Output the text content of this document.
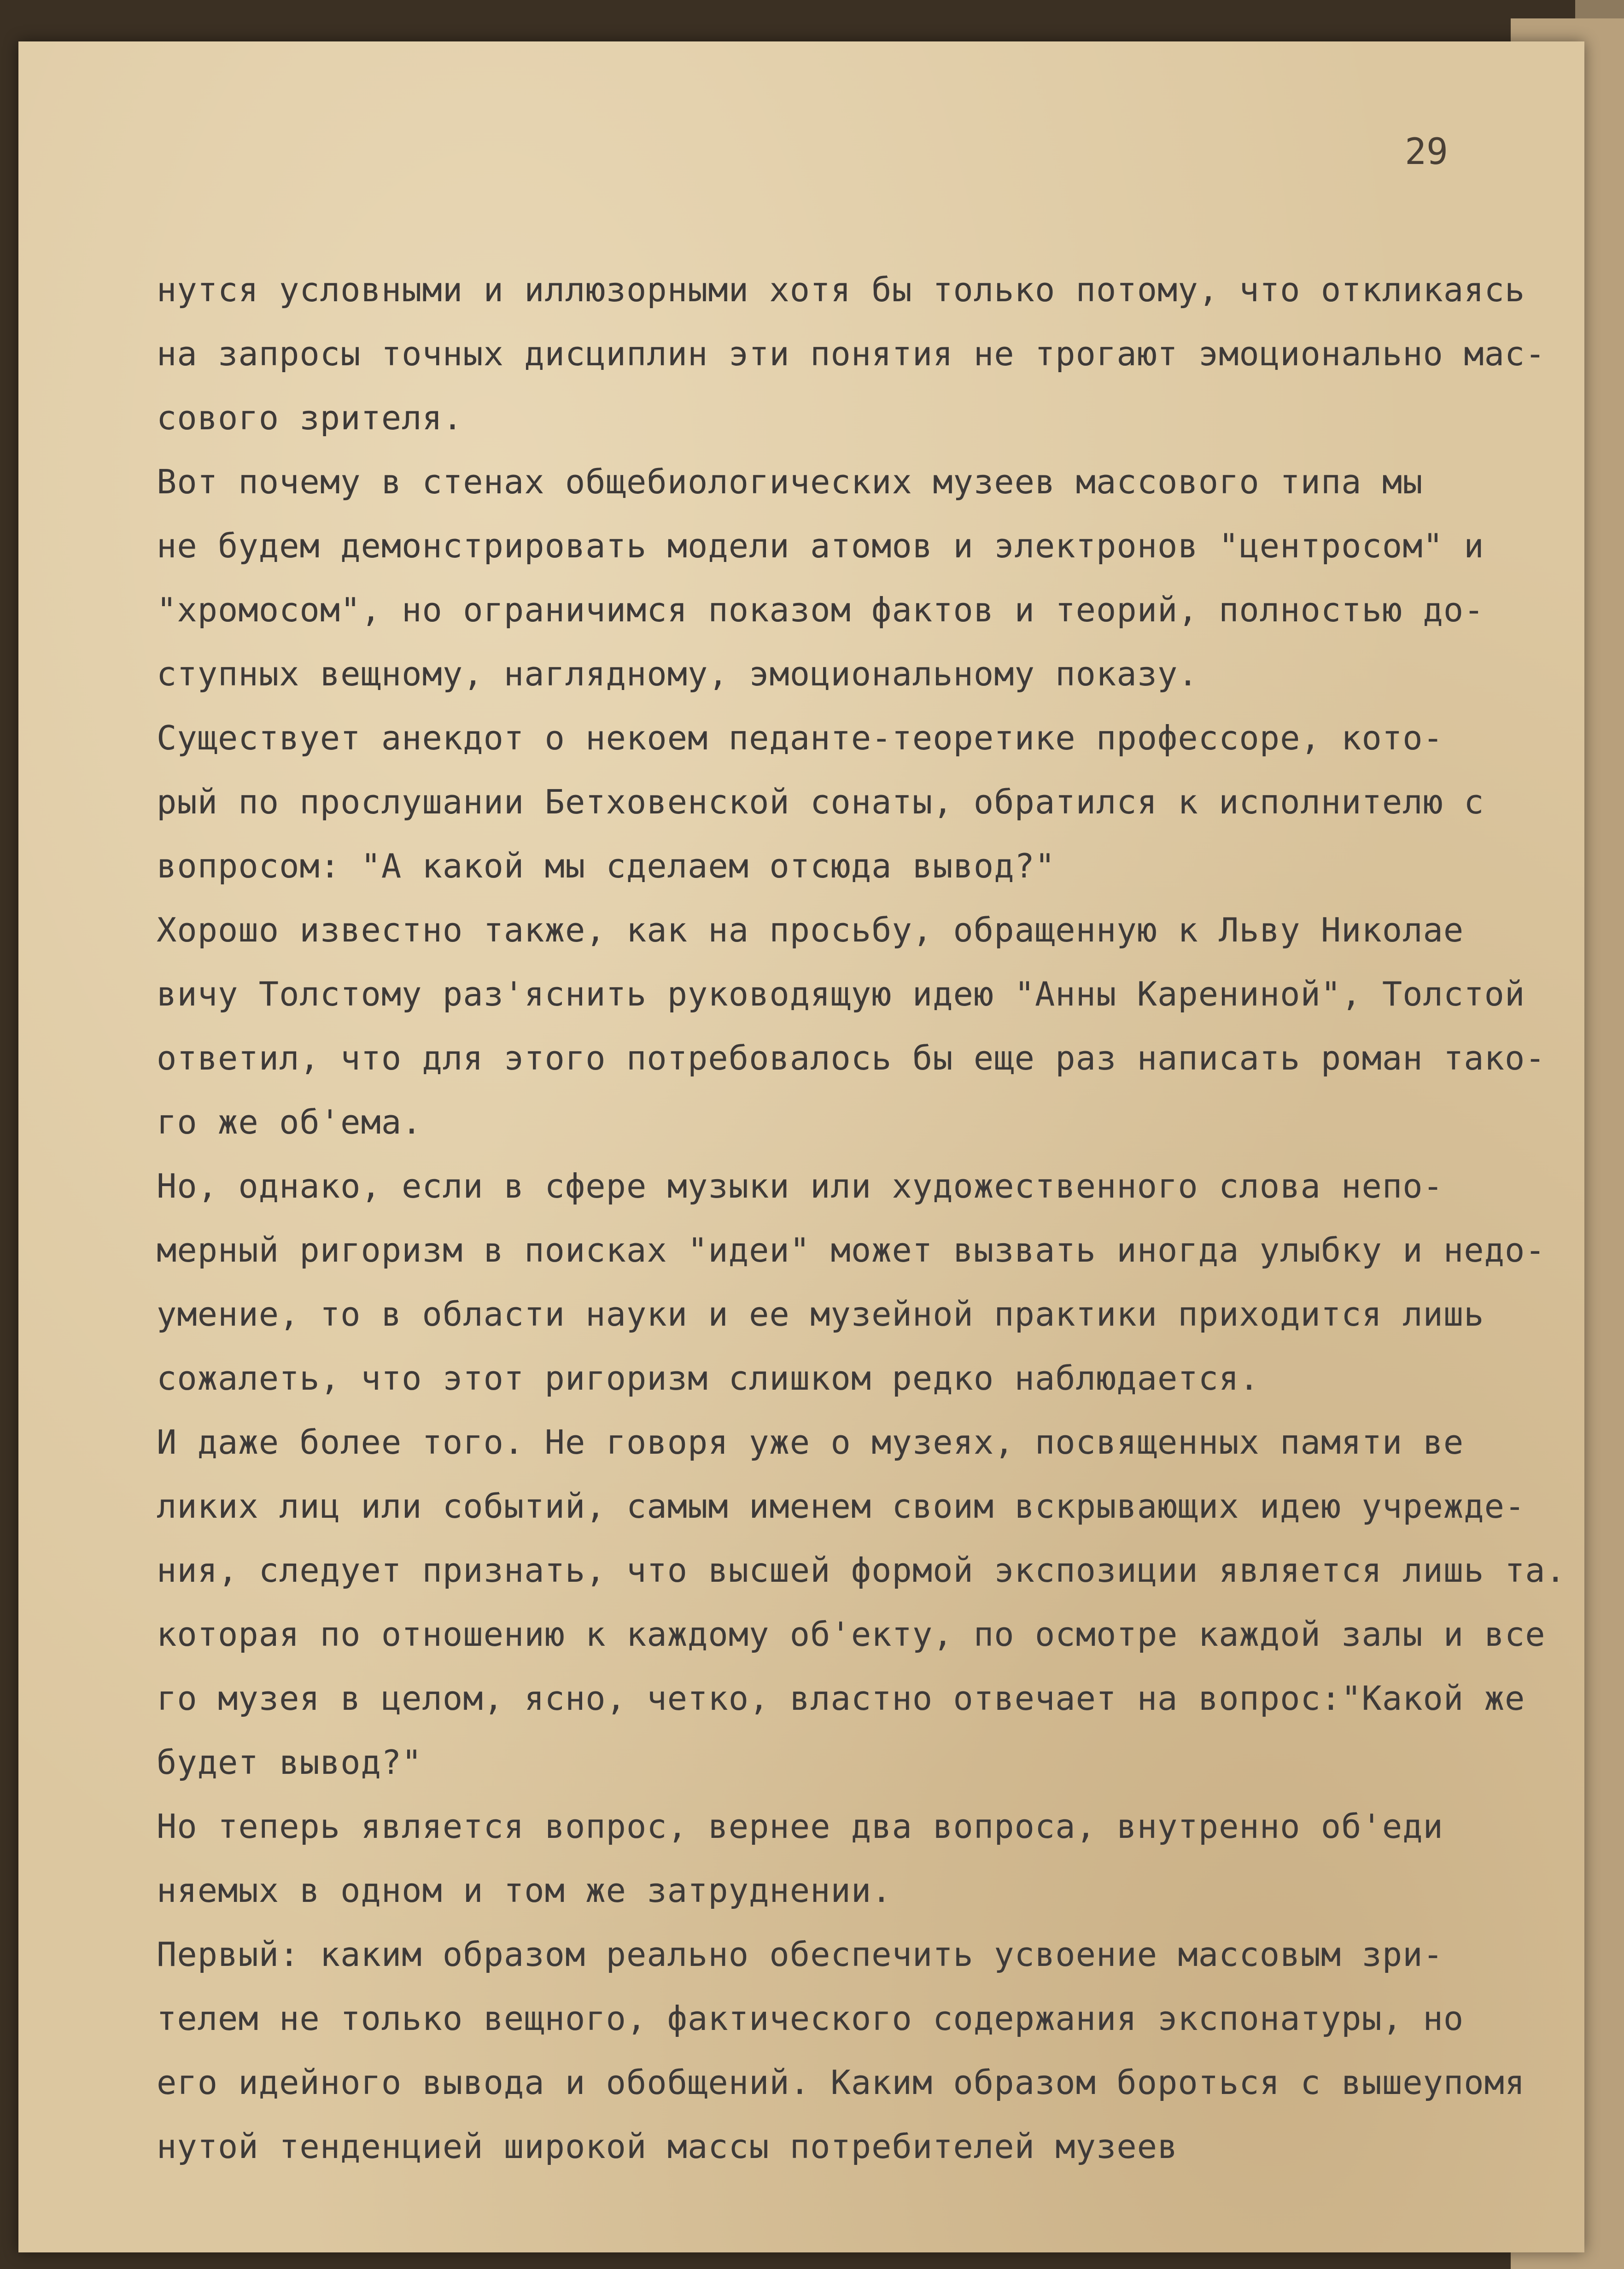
29
нутся условными и иллюзорными хотя бы только потому, что откликаясь
на запросы точных дисциплин эти понятия не трогают эмоционально мас-
сового зрителя.
Вот почему в стенах общебиологических музеев массового типа мы
не будем демонстрировать модели атомов и электронов "центросом" и
"хромосом", но ограничимся показом фактов и теорий, полностью до-
ступных вещному, наглядному, эмоциональному показу.
Существует анекдот о некоем педанте-теоретике профессоре, кото-
рый по прослушании Бетховенской сонаты, обратился к исполнителю с
вопросом: "А какой мы сделаем отсюда вывод?"
Хорошо известно также, как на просьбу, обращенную к Льву Николае
вичу Толстому раз'яснить руководящую идею "Анны Карениной", Толстой
ответил, что для этого потребовалось бы еще раз написать роман тако-
го же об'ема.
Но, однако, если в сфере музыки или художественного слова непо-
мерный ригоризм в поисках "идеи" может вызвать иногда улыбку и недо-
умение, то в области науки и ее музейной практики приходится лишь
сожалеть, что этот ригоризм слишком редко наблюдается.
И даже более того. Не говоря уже о музеях, посвященных памяти ве
ликих лиц или событий, самым именем своим вскрывающих идею учрежде-
ния, следует признать, что высшей формой экспозиции является лишь та.
которая по отношению к каждому об'екту, по осмотре каждой залы и все
го музея в целом, ясно, четко, властно отвечает на вопрос:"Какой же
будет вывод?"
Но теперь является вопрос, вернее два вопроса, внутренно об'еди
няемых в одном и том же затруднении.
Первый: каким образом реально обеспечить усвоение массовым зри-
телем не только вещного, фактического содержания экспонатуры, но
его идейного вывода и обобщений. Каким образом бороться с вышеупомя
нутой тенденцией широкой массы потребителей музеев
